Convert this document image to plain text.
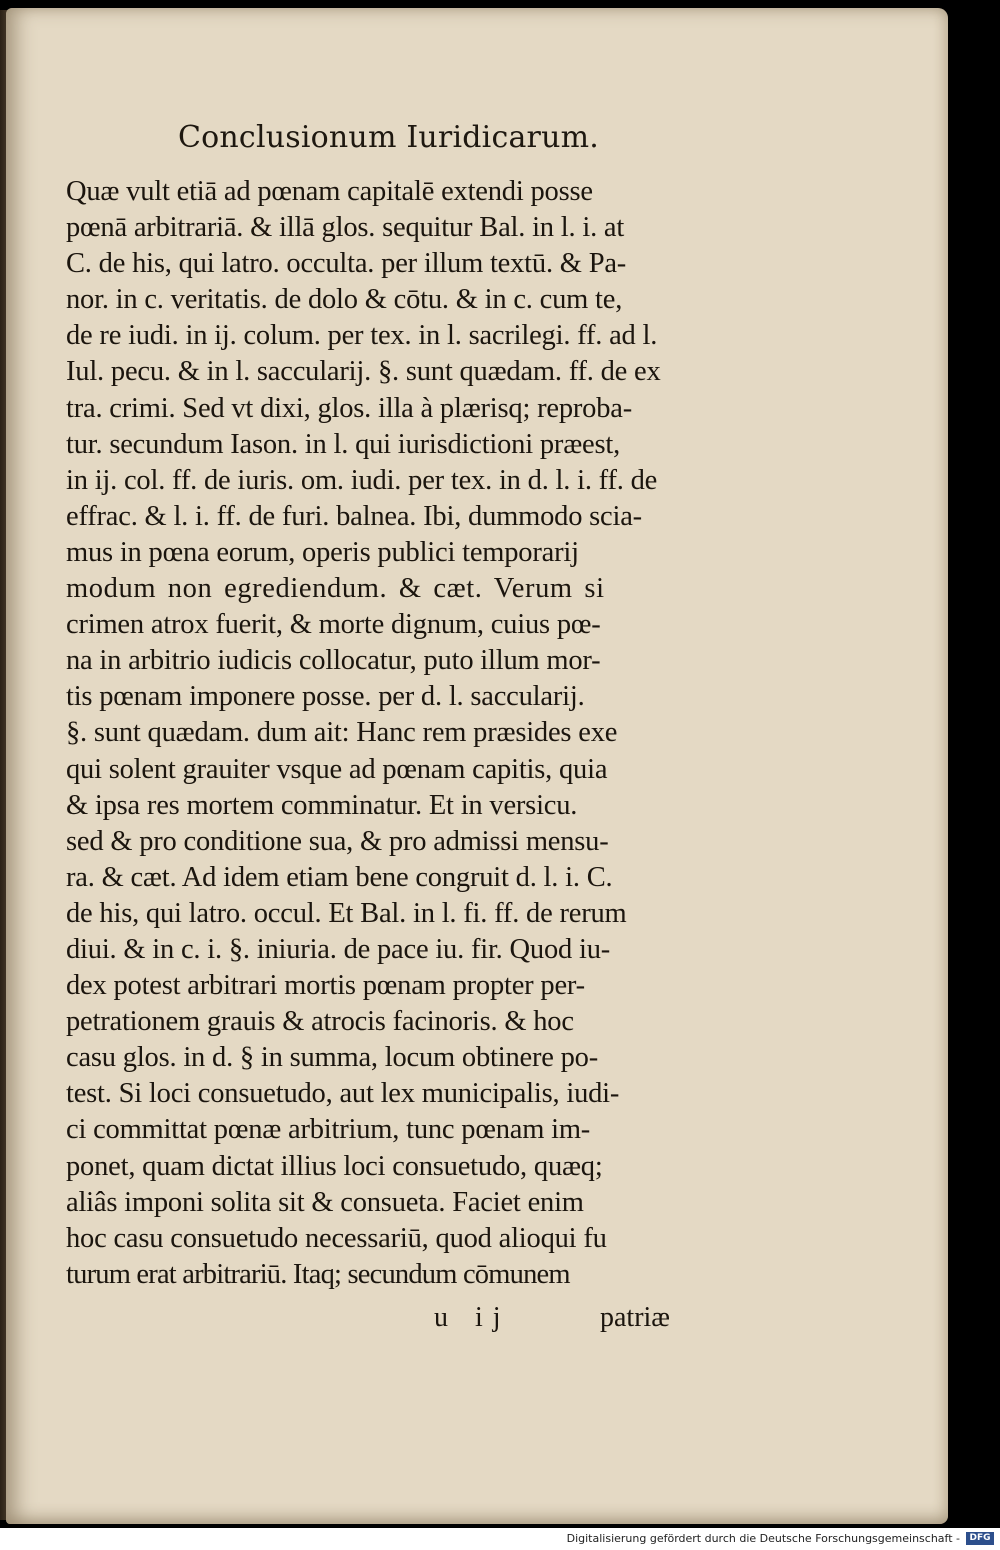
Conclusionum Iuridicarum.
Quæ vult etiā ad pœnam capitalē extendi posse
pœnā arbitrariā. & illā glos. sequitur Bal. in l. i. at
C. de his, qui latro. occulta. per illum textū. & Pa-
nor. in c. veritatis. de dolo & cōtu. & in c. cum te,
de re iudi. in ij. colum. per tex. in l. sacrilegi. ff. ad l.
Iul. pecu. & in l. saccularij. §. sunt quædam. ff. de ex
tra. crimi. Sed vt dixi, glos. illa à plærisq; reproba-
tur. secundum Iason. in l. qui iurisdictioni præest,
in ij. col. ff. de iuris. om. iudi. per tex. in d. l. i. ff. de
effrac. & l. i. ff. de furi. balnea. Ibi, dummodo scia-
mus in pœna eorum, operis publici temporarij
modum non egrediendum. & cæt. Verum si
crimen atrox fuerit, & morte dignum, cuius pœ-
na in arbitrio iudicis collocatur, puto illum mor-
tis pœnam imponere posse. per d. l. saccularij.
§. sunt quædam. dum ait: Hanc rem præsides exe
qui solent grauiter vsque ad pœnam capitis, quia
& ipsa res mortem comminatur. Et in versicu.
sed & pro conditione sua, & pro admissi mensu-
ra. & cæt. Ad idem etiam bene congruit d. l. i. C.
de his, qui latro. occul. Et Bal. in l. fi. ff. de rerum
diui. & in c. i. §. iniuria. de pace iu. fir. Quod iu-
dex potest arbitrari mortis pœnam propter per-
petrationem grauis & atrocis facinoris. & hoc
casu glos. in d. § in summa, locum obtinere po-
test. Si loci consuetudo, aut lex municipalis, iudi-
ci committat pœnæ arbitrium, tunc pœnam im-
ponet, quam dictat illius loci consuetudo, quæq;
aliâs imponi solita sit & consueta. Faciet enim
hoc casu consuetudo necessariū, quod alioqui fu
turum erat arbitrariū. Itaq; secundum cōmunem
u ij	patriæ
Digitalisierung gefördert durch die Deutsche Forschungsgemeinschaft -	DFG
